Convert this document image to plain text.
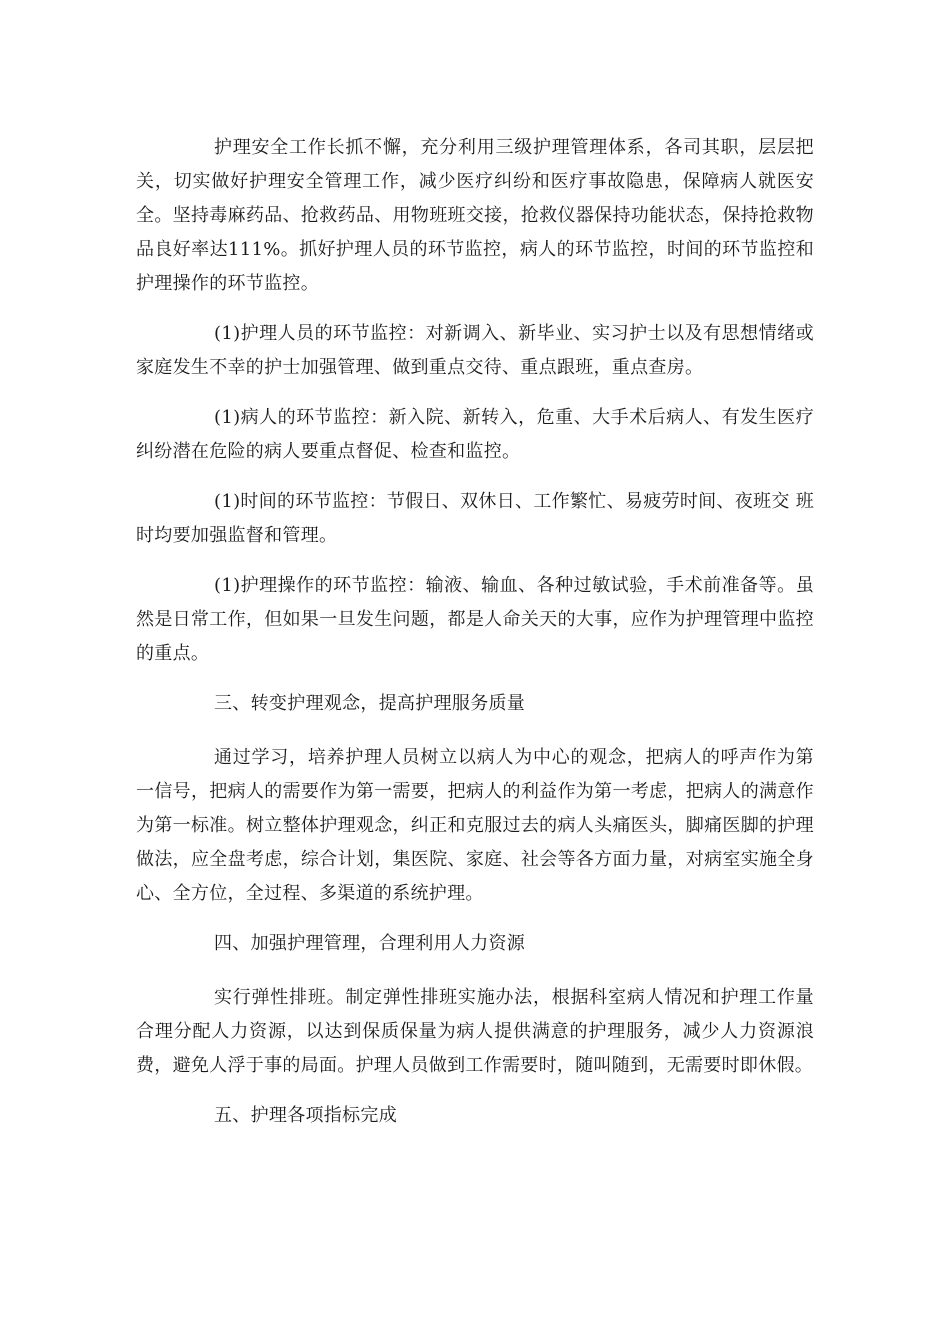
护理安全工作长抓不懈，充分利用三级护理管理体系，各司其职，层层把关，切实做好护理安全管理工作，减少医疗纠纷和医疗事故隐患，保障病人就医安全。坚持毒麻药品、抢救药品、用物班班交接，抢救仪器保持功能状态，保持抢救物品良好率达111%。抓好护理人员的环节监控，病人的环节监控，时间的环节监控和护理操作的环节监控。

(1)护理人员的环节监控：对新调入、新毕业、实习护士以及有思想情绪或家庭发生不幸的护士加强管理、做到重点交待、重点跟班，重点查房。

(1)病人的环节监控：新入院、新转入，危重、大手术后病人、有发生医疗纠纷潜在危险的病人要重点督促、检查和监控。

(1)时间的环节监控：节假日、双休日、工作繁忙、易疲劳时间、夜班交 班时均要加强监督和管理。

(1)护理操作的环节监控：输液、输血、各种过敏试验，手术前准备等。虽然是日常工作，但如果一旦发生问题，都是人命关天的大事，应作为护理管理中监控的重点。

三、转变护理观念，提高护理服务质量

通过学习，培养护理人员树立以病人为中心的观念，把病人的呼声作为第一信号，把病人的需要作为第一需要，把病人的利益作为第一考虑，把病人的满意作为第一标准。树立整体护理观念，纠正和克服过去的病人头痛医头，脚痛医脚的护理做法，应全盘考虑，综合计划，集医院、家庭、社会等各方面力量，对病室实施全身心、全方位，全过程、多渠道的系统护理。

四、加强护理管理，合理利用人力资源

实行弹性排班。制定弹性排班实施办法，根据科室病人情况和护理工作量合理分配人力资源，以达到保质保量为病人提供满意的护理服务，减少人力资源浪费，避免人浮于事的局面。护理人员做到工作需要时，随叫随到，无需要时即休假。

五、护理各项指标完成
